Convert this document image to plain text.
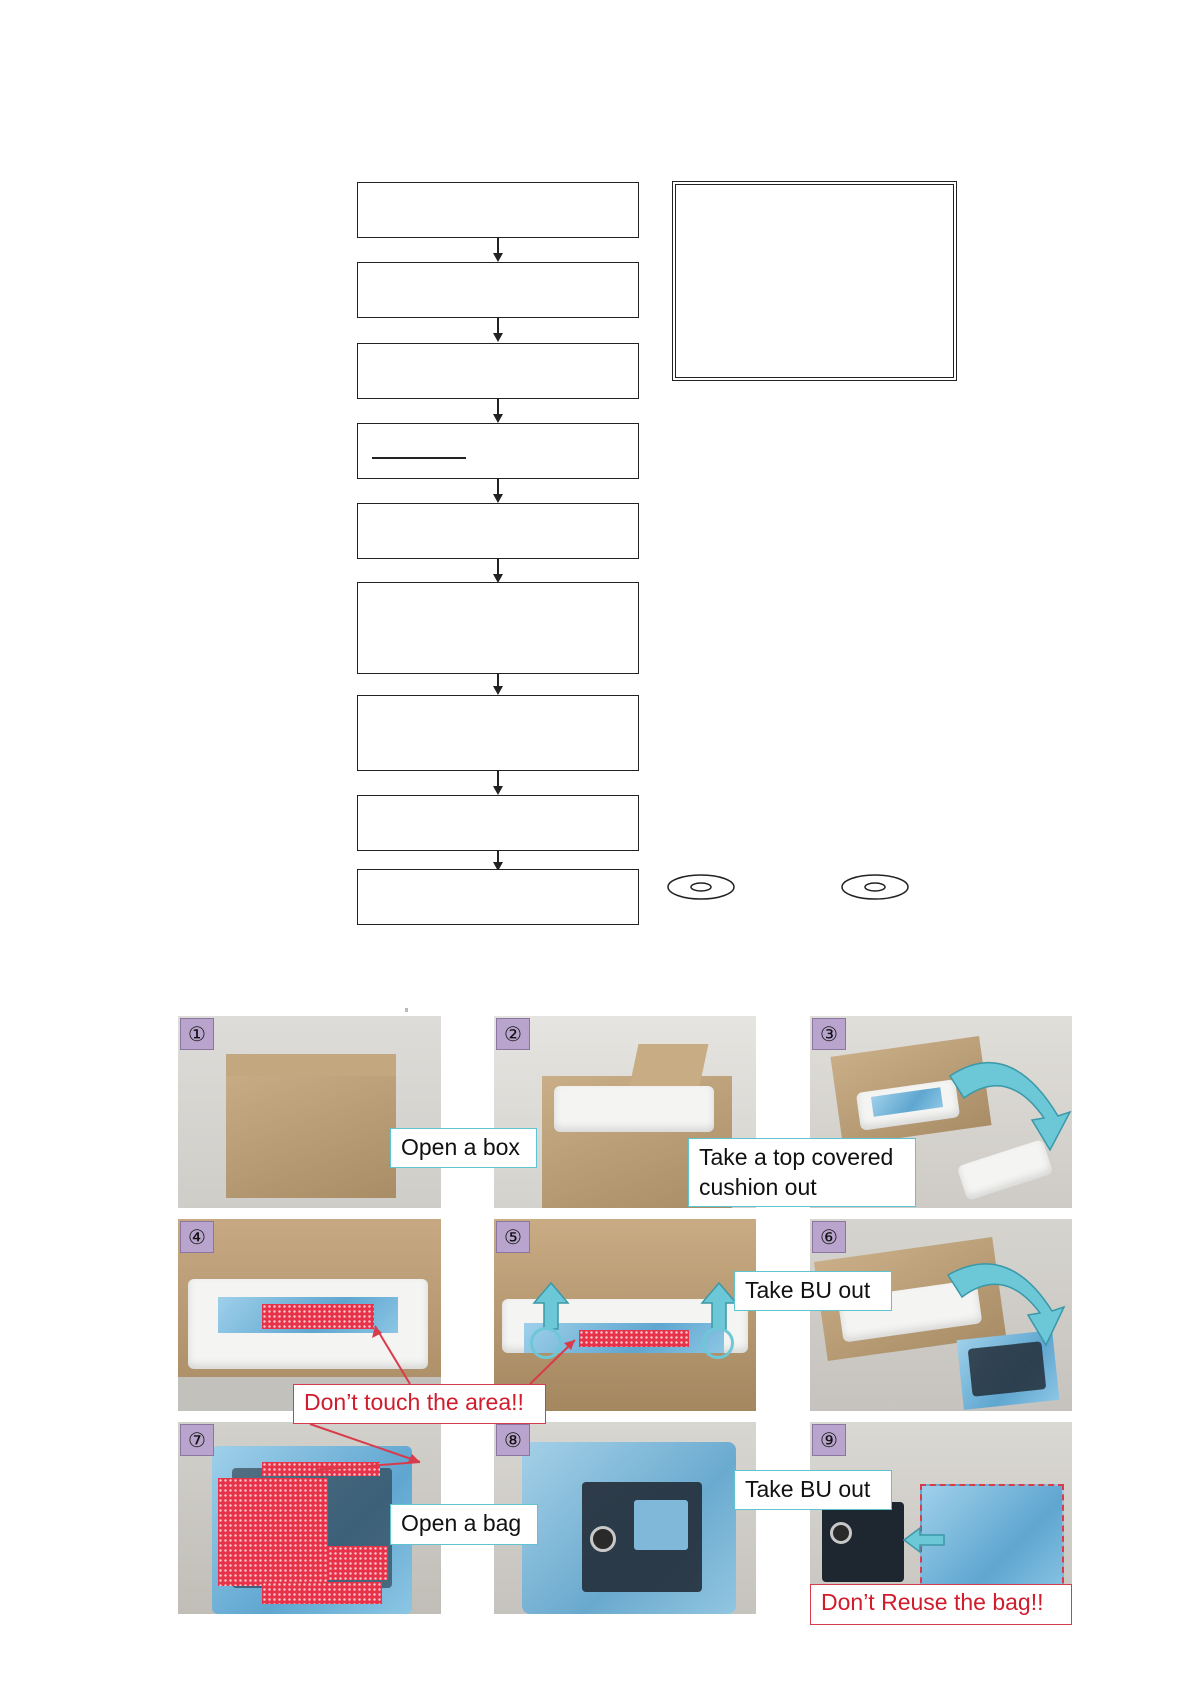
①	②	③
④	⑤	⑥
⑦	⑧	⑨
Open a box	Take a top covered
cushion out
Take BU out
Open a bag
Take BU out
Don’t touch the area!!
Don’t Reuse the bag!!
